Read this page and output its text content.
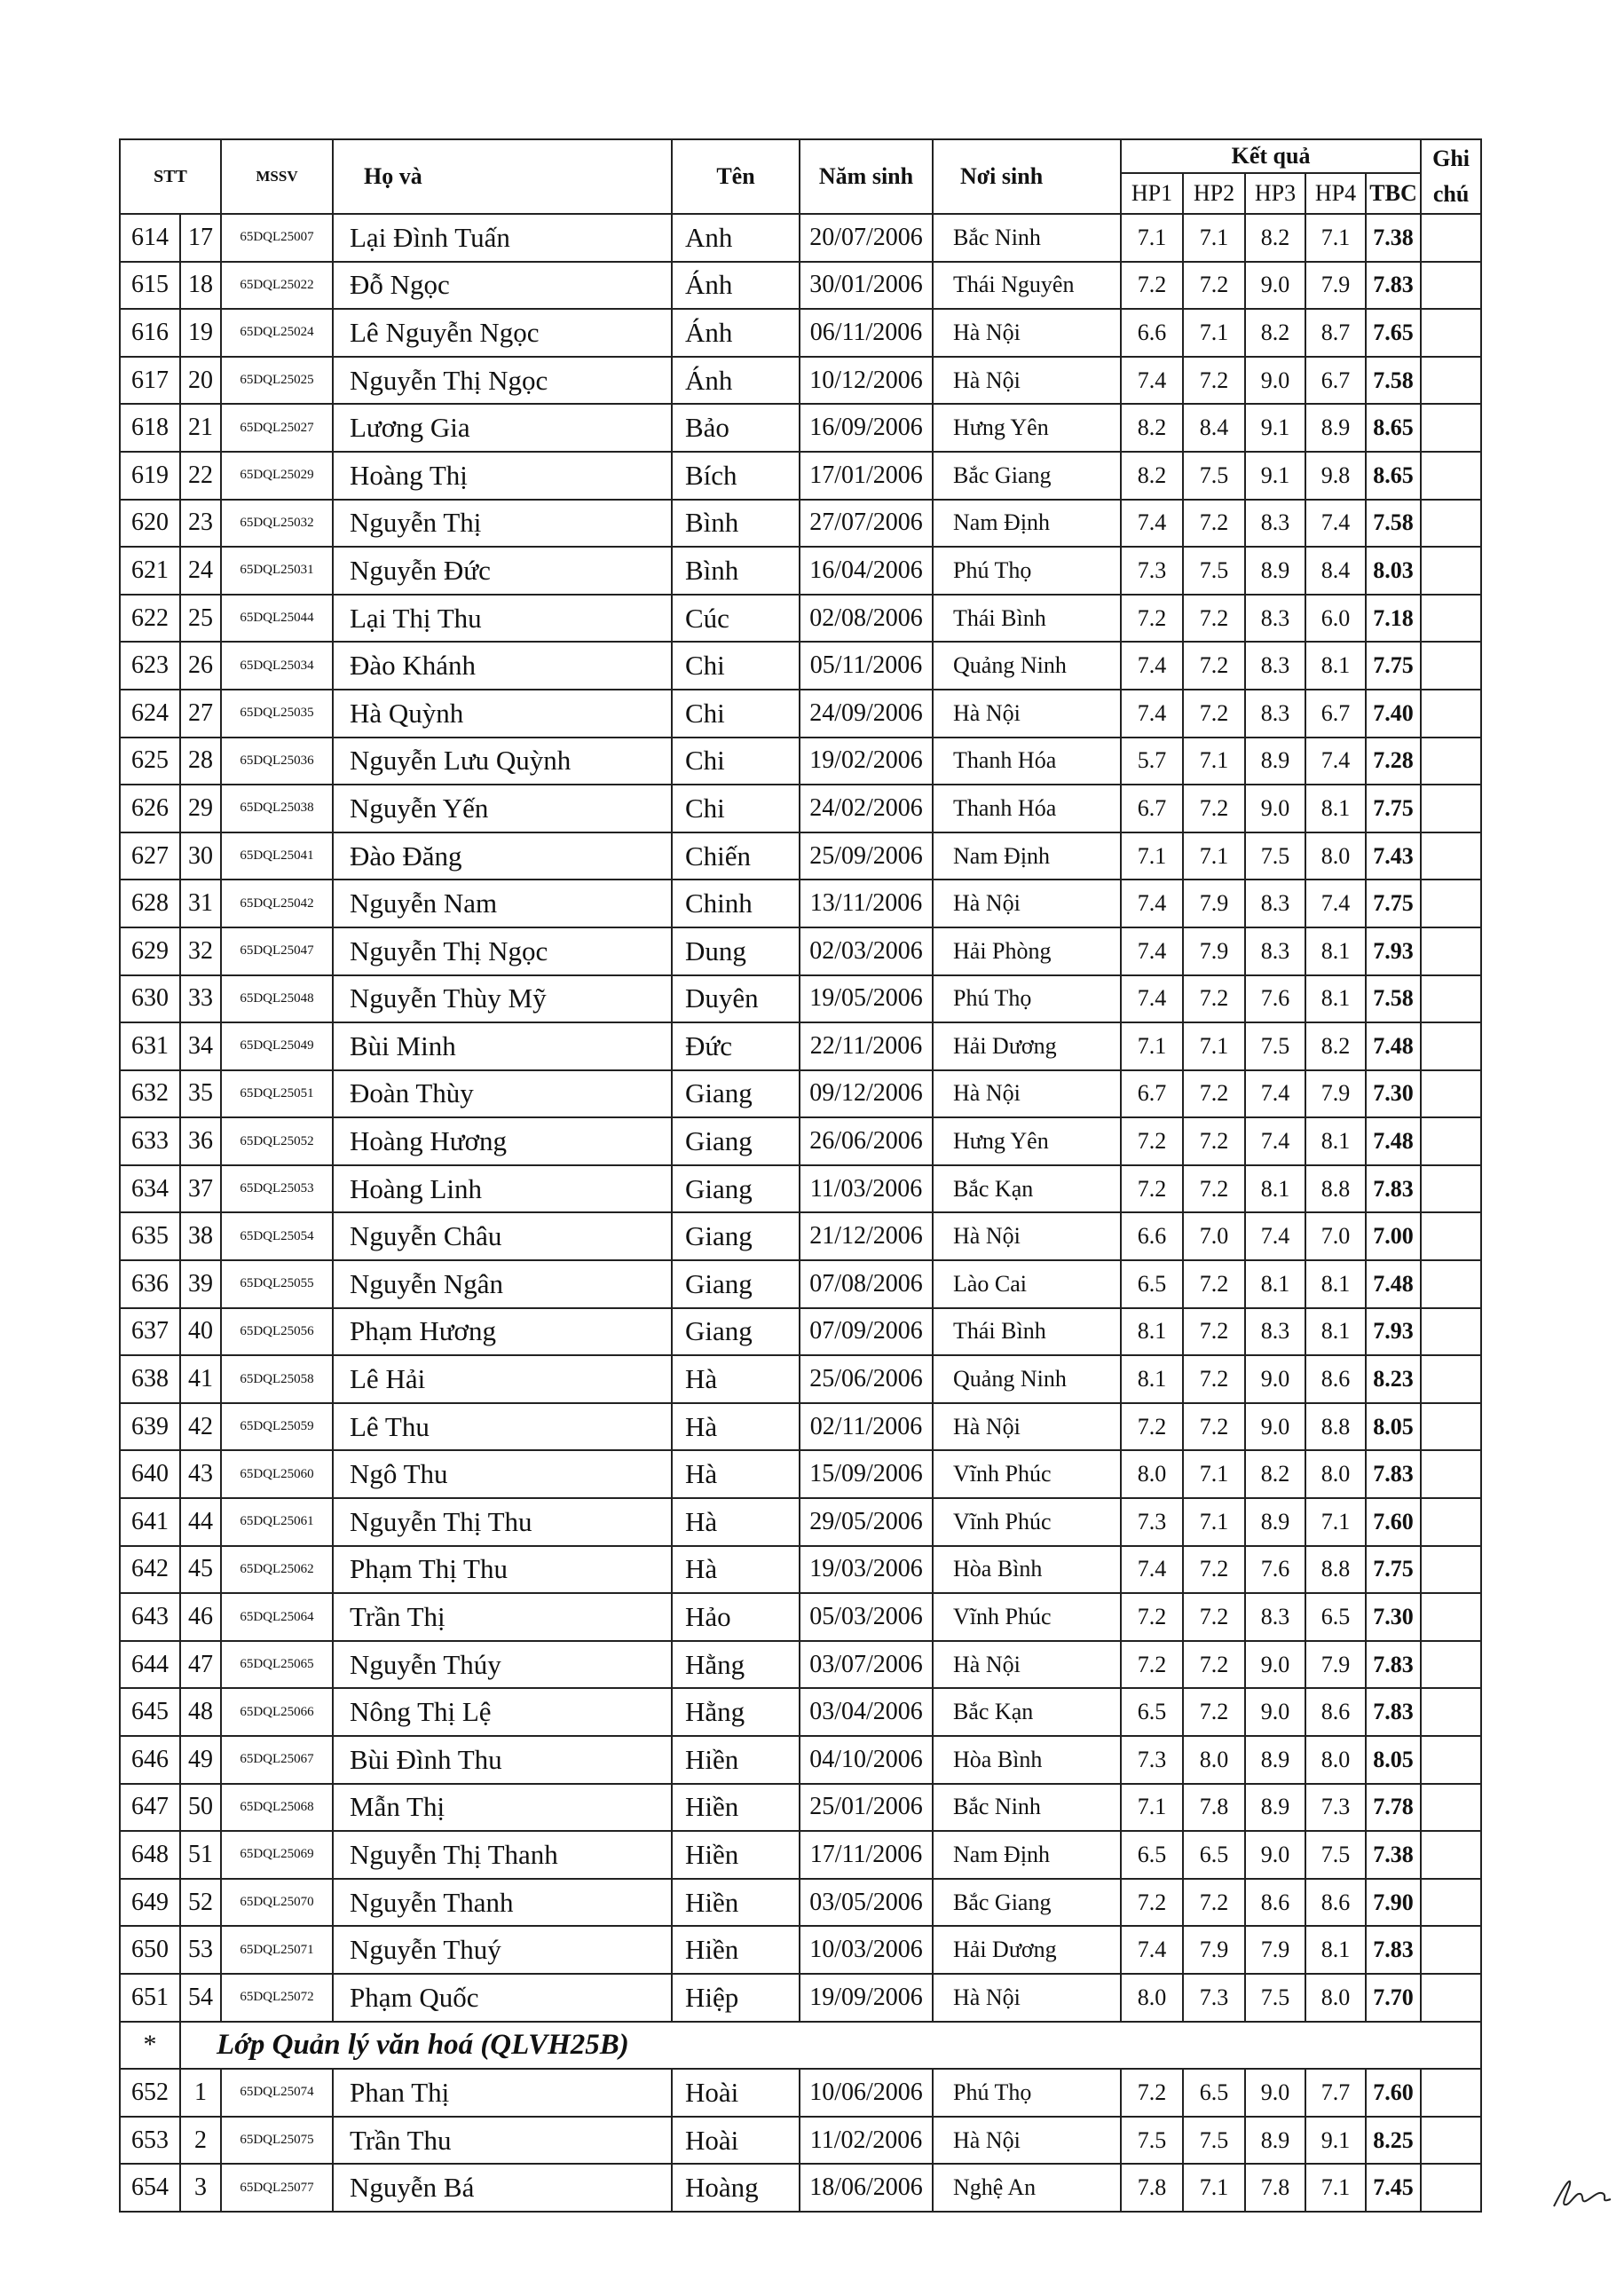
STT		MSSV	Họ và	Tên	Năm sinh	Nơi sinh	Kết quả					Ghi chú
							HP1	HP2	HP3	HP4	TBC	
614	17	65DQL25007	Lại Đình Tuấn	Anh	20/07/2006	Bắc Ninh	7.1	7.1	8.2	7.1	7.38	
615	18	65DQL25022	Đỗ Ngọc	Ánh	30/01/2006	Thái Nguyên	7.2	7.2	9.0	7.9	7.83	
616	19	65DQL25024	Lê Nguyễn Ngọc	Ánh	06/11/2006	Hà Nội	6.6	7.1	8.2	8.7	7.65	
617	20	65DQL25025	Nguyễn Thị Ngọc	Ánh	10/12/2006	Hà Nội	7.4	7.2	9.0	6.7	7.58	
618	21	65DQL25027	Lương Gia	Bảo	16/09/2006	Hưng Yên	8.2	8.4	9.1	8.9	8.65	
619	22	65DQL25029	Hoàng Thị	Bích	17/01/2006	Bắc Giang	8.2	7.5	9.1	9.8	8.65	
620	23	65DQL25032	Nguyễn Thị	Bình	27/07/2006	Nam Định	7.4	7.2	8.3	7.4	7.58	
621	24	65DQL25031	Nguyễn Đức	Bình	16/04/2006	Phú Thọ	7.3	7.5	8.9	8.4	8.03	
622	25	65DQL25044	Lại Thị Thu	Cúc	02/08/2006	Thái Bình	7.2	7.2	8.3	6.0	7.18	
623	26	65DQL25034	Đào Khánh	Chi	05/11/2006	Quảng Ninh	7.4	7.2	8.3	8.1	7.75	
624	27	65DQL25035	Hà Quỳnh	Chi	24/09/2006	Hà Nội	7.4	7.2	8.3	6.7	7.40	
625	28	65DQL25036	Nguyễn Lưu Quỳnh	Chi	19/02/2006	Thanh Hóa	5.7	7.1	8.9	7.4	7.28	
626	29	65DQL25038	Nguyễn Yến	Chi	24/02/2006	Thanh Hóa	6.7	7.2	9.0	8.1	7.75	
627	30	65DQL25041	Đào Đăng	Chiến	25/09/2006	Nam Định	7.1	7.1	7.5	8.0	7.43	
628	31	65DQL25042	Nguyễn Nam	Chinh	13/11/2006	Hà Nội	7.4	7.9	8.3	7.4	7.75	
629	32	65DQL25047	Nguyễn Thị Ngọc	Dung	02/03/2006	Hải Phòng	7.4	7.9	8.3	8.1	7.93	
630	33	65DQL25048	Nguyễn Thùy Mỹ	Duyên	19/05/2006	Phú Thọ	7.4	7.2	7.6	8.1	7.58	
631	34	65DQL25049	Bùi Minh	Đức	22/11/2006	Hải Dương	7.1	7.1	7.5	8.2	7.48	
632	35	65DQL25051	Đoàn Thùy	Giang	09/12/2006	Hà Nội	6.7	7.2	7.4	7.9	7.30	
633	36	65DQL25052	Hoàng Hương	Giang	26/06/2006	Hưng Yên	7.2	7.2	7.4	8.1	7.48	
634	37	65DQL25053	Hoàng Linh	Giang	11/03/2006	Bắc Kạn	7.2	7.2	8.1	8.8	7.83	
635	38	65DQL25054	Nguyễn Châu	Giang	21/12/2006	Hà Nội	6.6	7.0	7.4	7.0	7.00	
636	39	65DQL25055	Nguyễn Ngân	Giang	07/08/2006	Lào Cai	6.5	7.2	8.1	8.1	7.48	
637	40	65DQL25056	Phạm Hương	Giang	07/09/2006	Thái Bình	8.1	7.2	8.3	8.1	7.93	
638	41	65DQL25058	Lê Hải	Hà	25/06/2006	Quảng Ninh	8.1	7.2	9.0	8.6	8.23	
639	42	65DQL25059	Lê Thu	Hà	02/11/2006	Hà Nội	7.2	7.2	9.0	8.8	8.05	
640	43	65DQL25060	Ngô Thu	Hà	15/09/2006	Vĩnh Phúc	8.0	7.1	8.2	8.0	7.83	
641	44	65DQL25061	Nguyễn Thị Thu	Hà	29/05/2006	Vĩnh Phúc	7.3	7.1	8.9	7.1	7.60	
642	45	65DQL25062	Phạm Thị Thu	Hà	19/03/2006	Hòa Bình	7.4	7.2	7.6	8.8	7.75	
643	46	65DQL25064	Trần Thị	Hảo	05/03/2006	Vĩnh Phúc	7.2	7.2	8.3	6.5	7.30	
644	47	65DQL25065	Nguyễn Thúy	Hằng	03/07/2006	Hà Nội	7.2	7.2	9.0	7.9	7.83	
645	48	65DQL25066	Nông Thị Lệ	Hằng	03/04/2006	Bắc Kạn	6.5	7.2	9.0	8.6	7.83	
646	49	65DQL25067	Bùi Đình Thu	Hiền	04/10/2006	Hòa Bình	7.3	8.0	8.9	8.0	8.05	
647	50	65DQL25068	Mẫn Thị	Hiền	25/01/2006	Bắc Ninh	7.1	7.8	8.9	7.3	7.78	
648	51	65DQL25069	Nguyễn Thị Thanh	Hiền	17/11/2006	Nam Định	6.5	6.5	9.0	7.5	7.38	
649	52	65DQL25070	Nguyễn Thanh	Hiền	03/05/2006	Bắc Giang	7.2	7.2	8.6	8.6	7.90	
650	53	65DQL25071	Nguyễn Thuý	Hiền	10/03/2006	Hải Dương	7.4	7.9	7.9	8.1	7.83	
651	54	65DQL25072	Phạm Quốc	Hiệp	19/09/2006	Hà Nội	8.0	7.3	7.5	8.0	7.70	
*	Lớp Quản lý văn hoá (QLVH25B)											
652	1	65DQL25074	Phan Thị	Hoài	10/06/2006	Phú Thọ	7.2	6.5	9.0	7.7	7.60	
653	2	65DQL25075	Trần Thu	Hoài	11/02/2006	Hà Nội	7.5	7.5	8.9	9.1	8.25	
654	3	65DQL25077	Nguyễn Bá	Hoàng	18/06/2006	Nghệ An	7.8	7.1	7.8	7.1	7.45	
